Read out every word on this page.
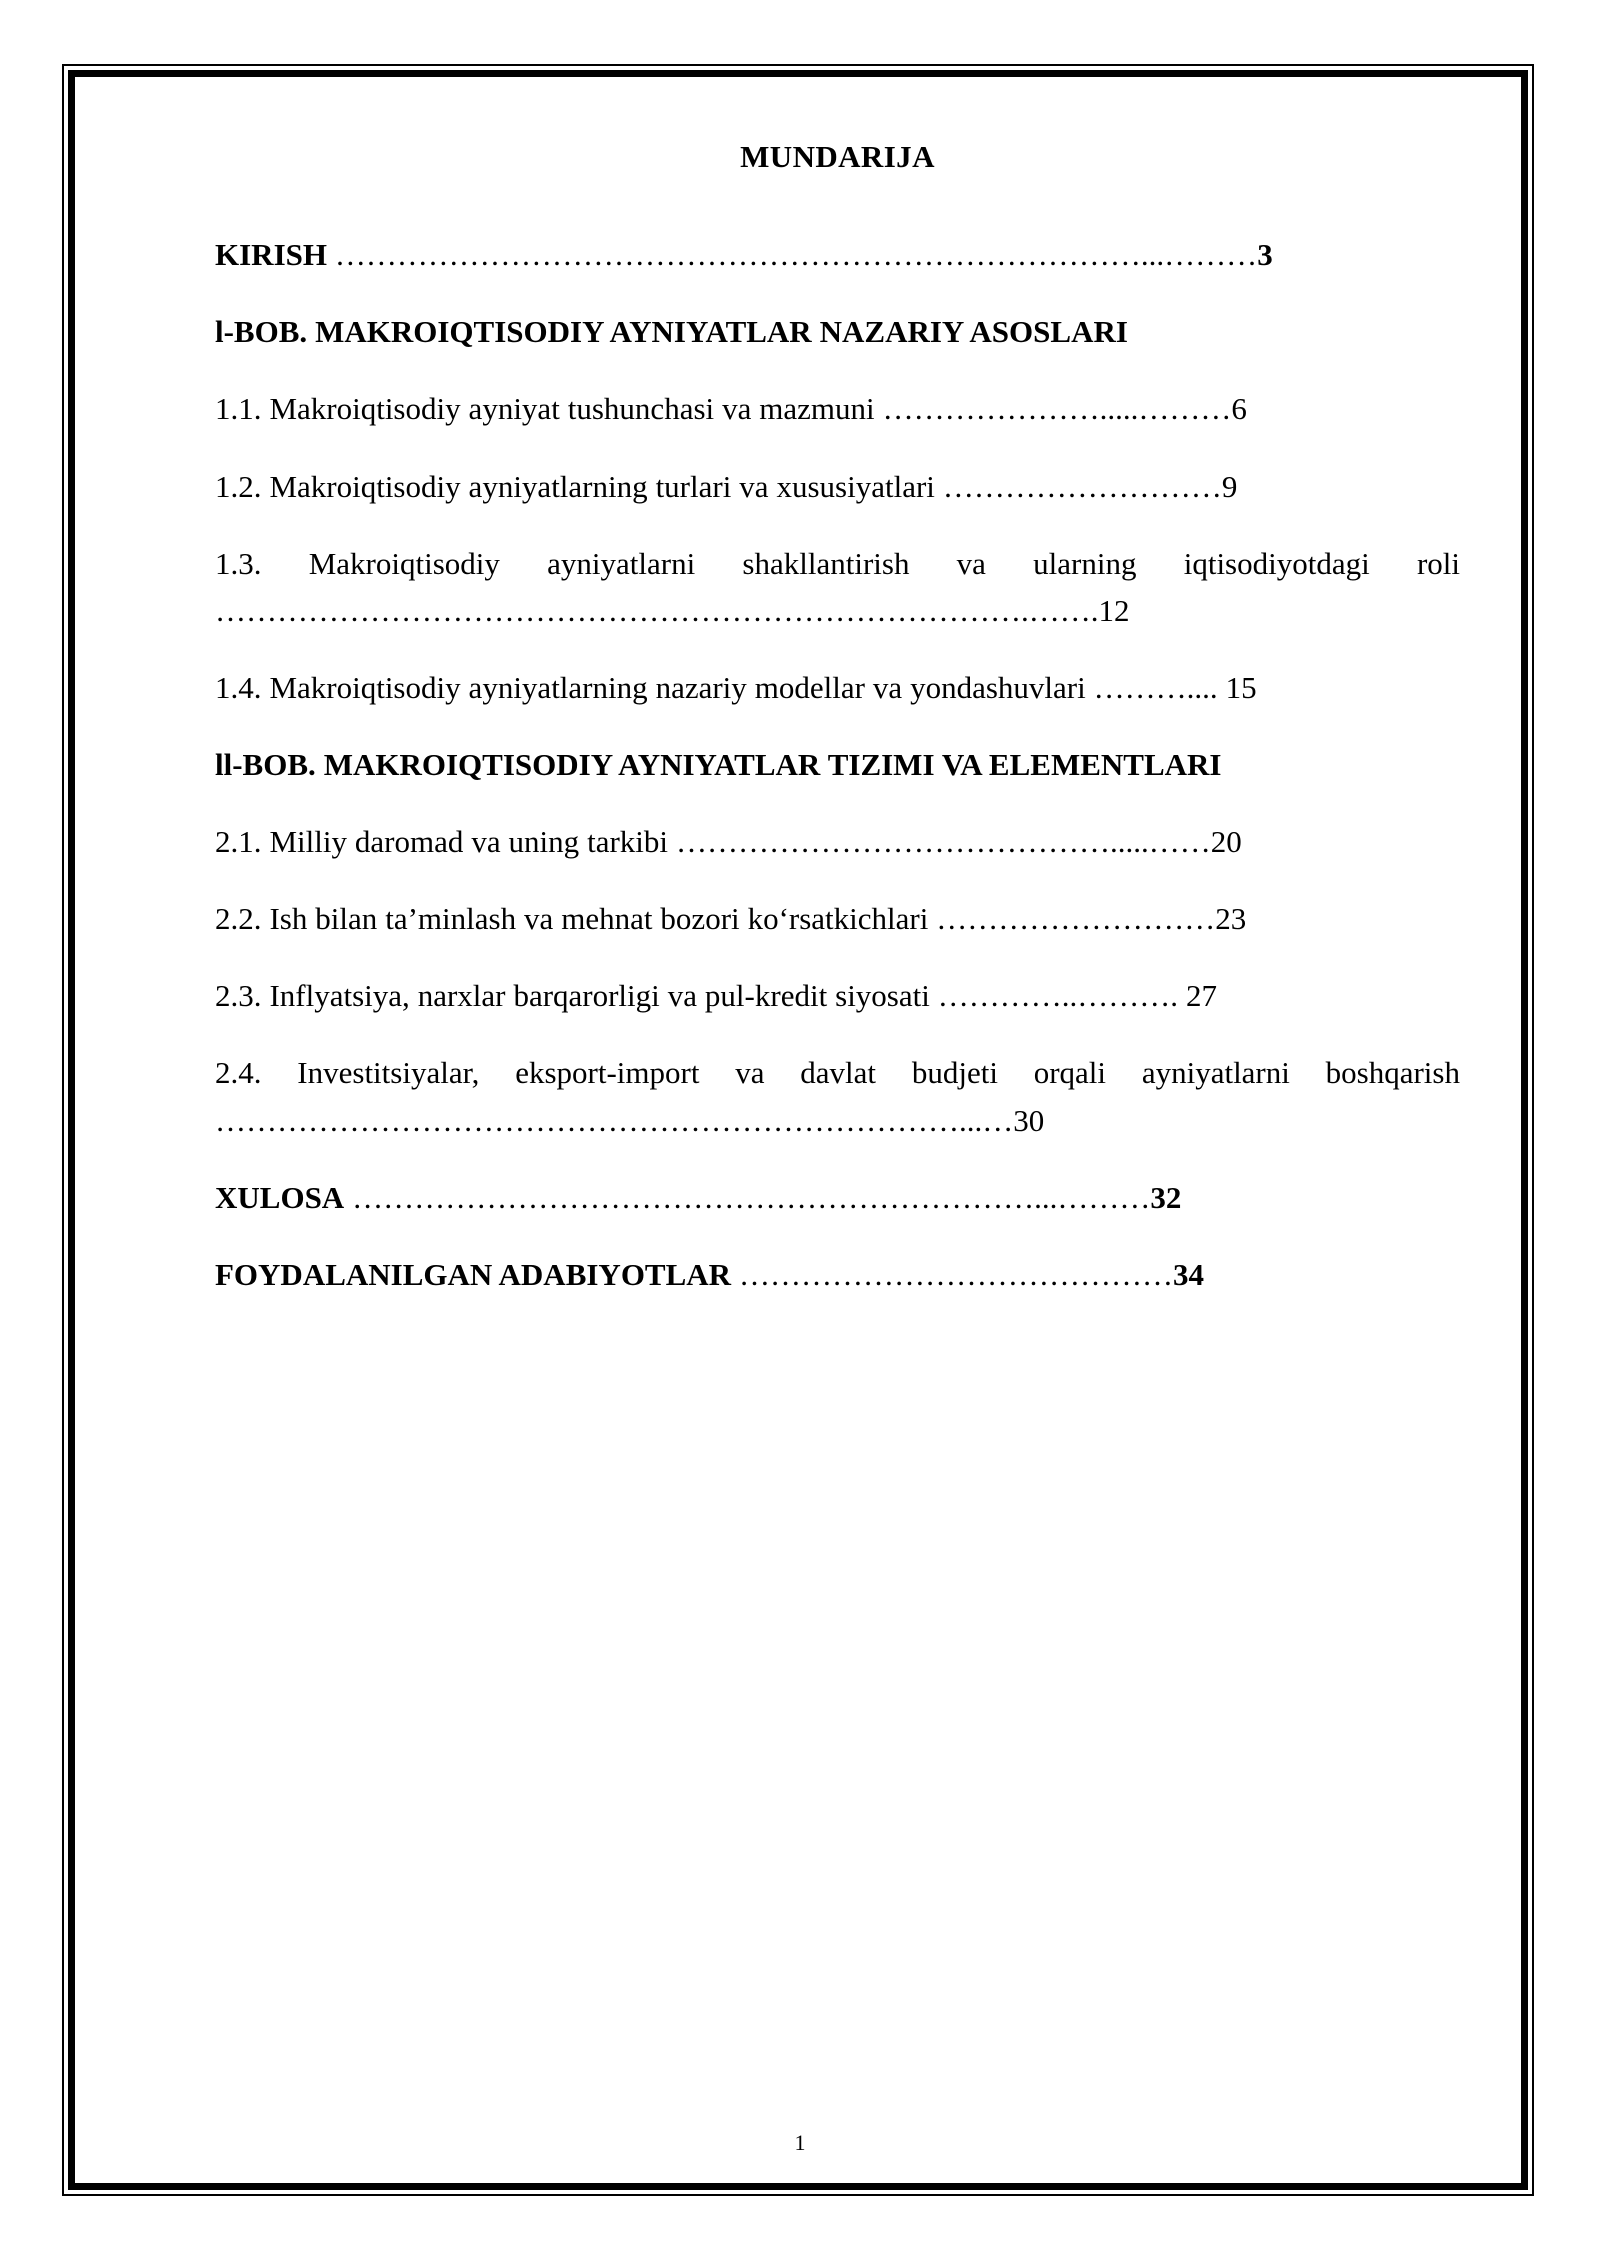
MUNDARIJA
KIRISH ……………………………………………………………………...………3
l-BOB. MAKROIQTISODIY AYNIYATLAR NAZARIY ASOSLARI
1.1. Makroiqtisodiy ayniyat tushunchasi va mazmuni ………………….....………6
1.2. Makroiqtisodiy ayniyatlarning turlari va xususiyatlari ………………………9
1.3. Makroiqtisodiy ayniyatlarni shakllantirish va ularning iqtisodiyotdagi roli …………………………………………………………………….…….12
1.4. Makroiqtisodiy ayniyatlarning nazariy modellar va yondashuvlari ……….... 15
ll-BOB. MAKROIQTISODIY AYNIYATLAR TIZIMI VA ELEMENTLARI
2.1. Milliy daromad va uning tarkibi …………………………………….....……20
2.2. Ish bilan ta’minlash va mehnat bozori koʻrsatkichlari ………………………23
2.3. Inflyatsiya, narxlar barqarorligi va pul-kredit siyosati …………..………. 27
2.4. Investitsiyalar, eksport-import va davlat budjeti orqali ayniyatlarni boshqarish ………………………………………………………………...…30
XULOSA …………………………………………………………...………32
FOYDALANILGAN ADABIYOTLAR ……………………………………34
1
